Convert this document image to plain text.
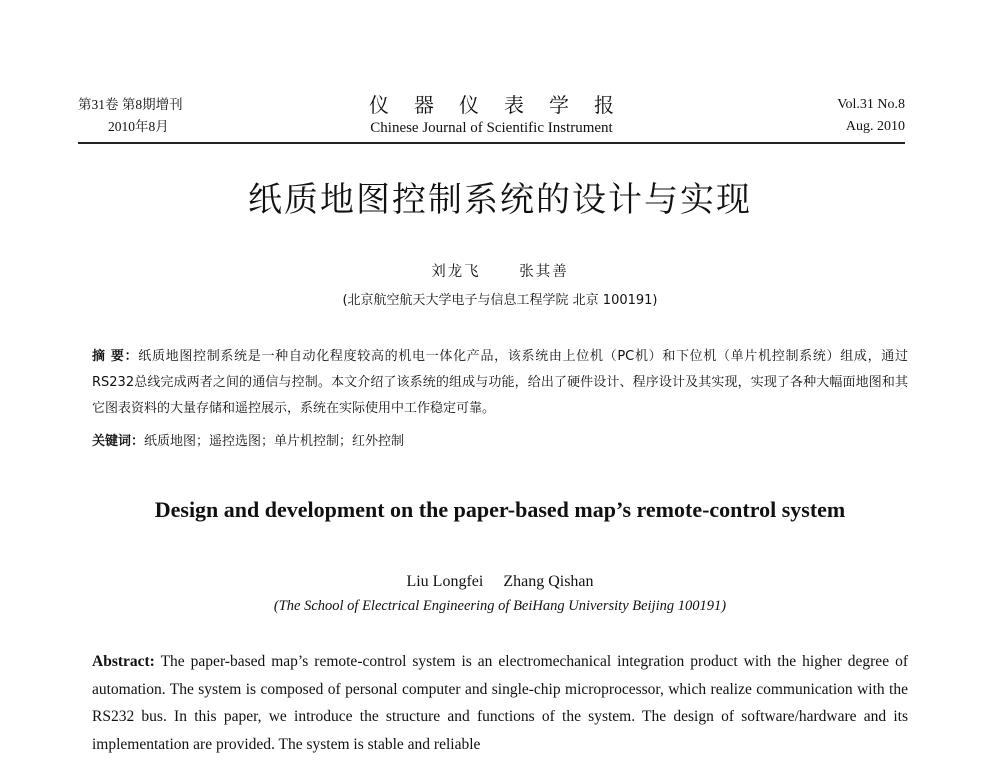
第31卷 第8期增刊
2010年8月
仪器仪表学报
Chinese Journal of Scientific Instrument
Vol.31 No.8
Aug. 2010
纸质地图控制系统的设计与实现
刘龙飞	张其善
(北京航空航天大学电子与信息工程学院 北京 100191)
摘 要：纸质地图控制系统是一种自动化程度较高的机电一体化产品，该系统由上位机（PC机）和下位机（单片机控制系统）组成，通过RS232总线完成两者之间的通信与控制。本文介绍了该系统的组成与功能，给出了硬件设计、程序设计及其实现，实现了各种大幅面地图和其它图表资料的大量存储和遥控展示，系统在实际使用中工作稳定可靠。
关键词：纸质地图；遥控选图；单片机控制；红外控制
Design and development on the paper-based map’s remote-control system
Liu Longfei Zhang Qishan
(The School of Electrical Engineering of BeiHang University Beijing 100191)
Abstract: The paper-based map’s remote-control system is an electromechanical integration product with the higher degree of automation. The system is composed of personal computer and single-chip microprocessor, which realize communication with the RS232 bus. In this paper, we introduce the structure and functions of the system. The design of software/hardware and its implementation are provided. The system is stable and reliable
